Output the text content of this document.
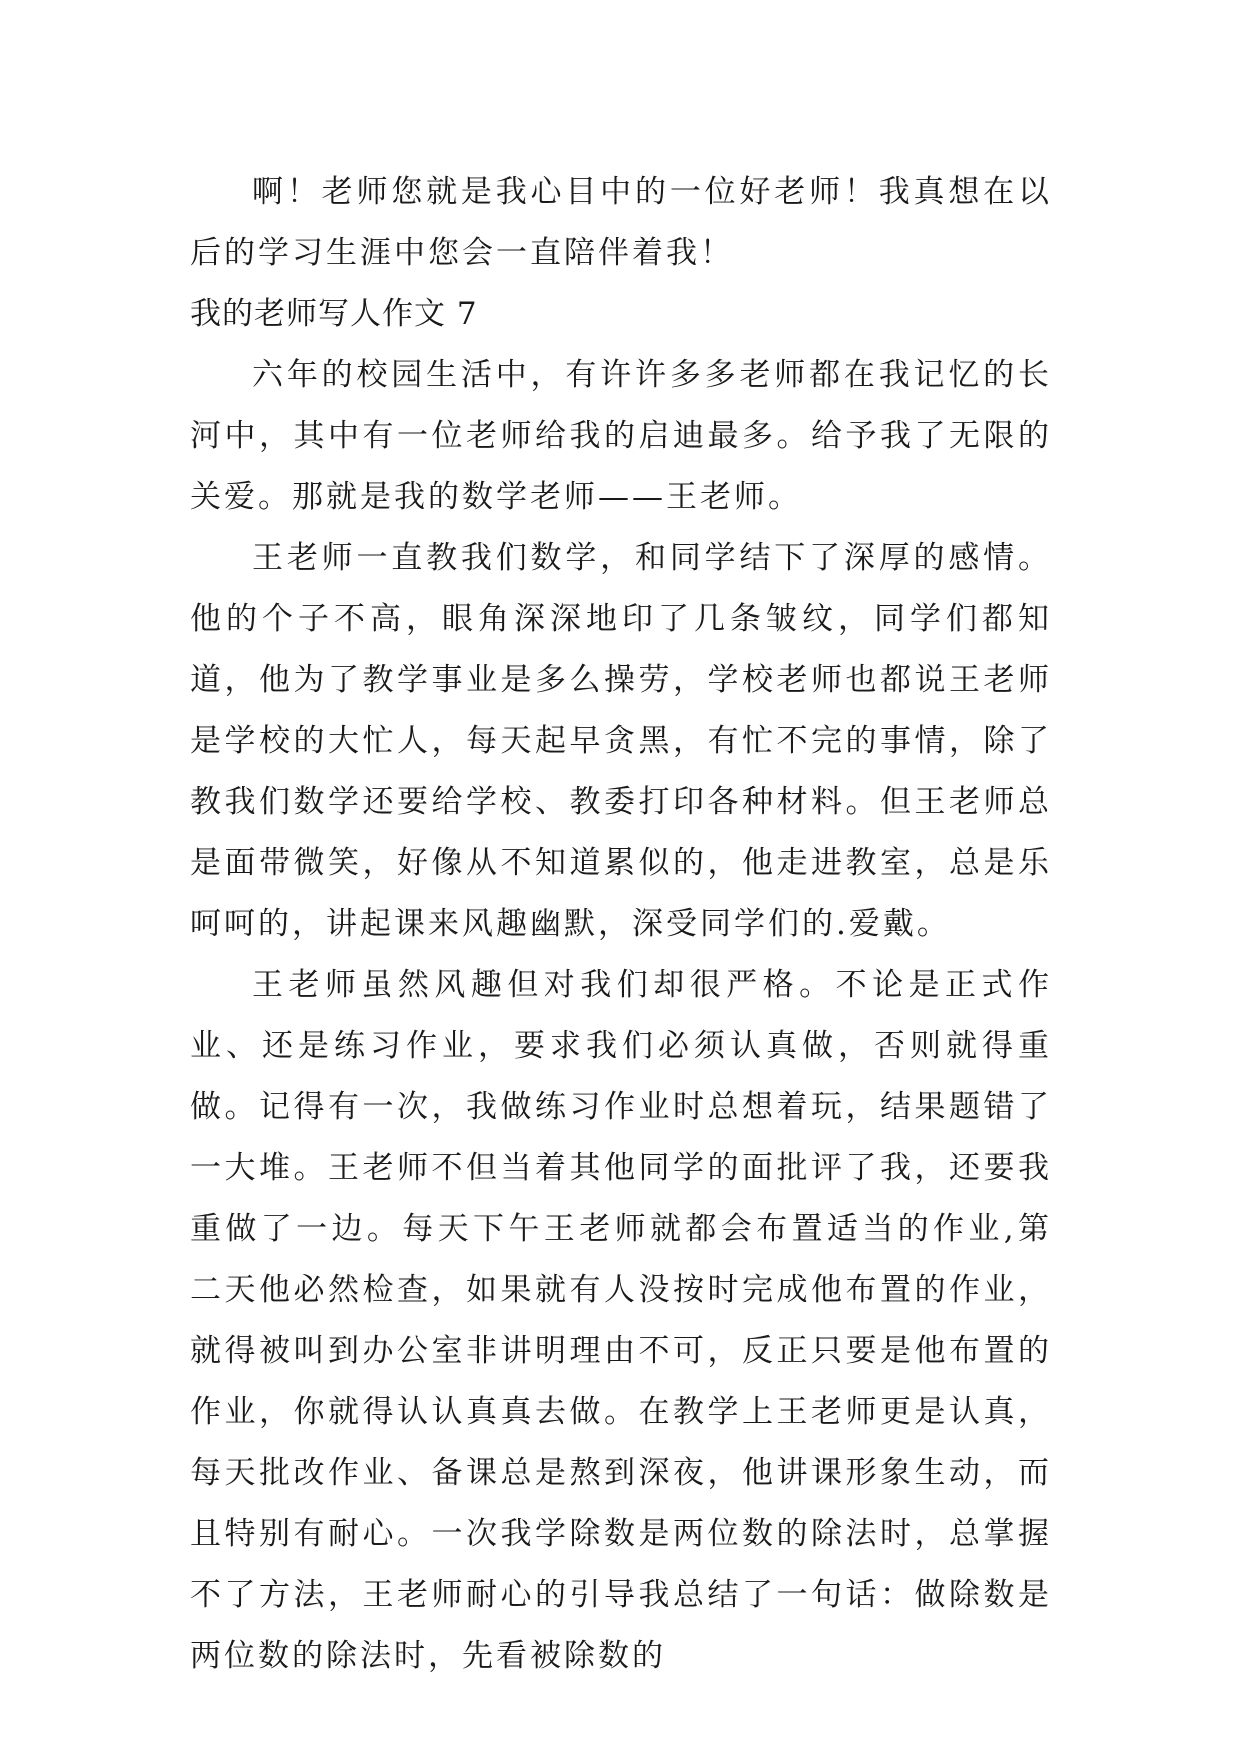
啊！老师您就是我心目中的一位好老师！我真想在以后的学习生涯中您会一直陪伴着我！

我的老师写人作文 7

六年的校园生活中，有许许多多老师都在我记忆的长河中，其中有一位老师给我的启迪最多。给予我了无限的关爱。那就是我的数学老师——王老师。

王老师一直教我们数学，和同学结下了深厚的感情。他的个子不高，眼角深深地印了几条皱纹，同学们都知道，他为了教学事业是多么操劳，学校老师也都说王老师是学校的大忙人，每天起早贪黑，有忙不完的事情，除了教我们数学还要给学校、教委打印各种材料。但王老师总是面带微笑，好像从不知道累似的，他走进教室，总是乐呵呵的，讲起课来风趣幽默，深受同学们的.爱戴。

王老师虽然风趣但对我们却很严格。不论是正式作业、还是练习作业，要求我们必须认真做，否则就得重做。记得有一次，我做练习作业时总想着玩，结果题错了一大堆。王老师不但当着其他同学的面批评了我，还要我重做了一边。每天下午王老师就都会布置适当的作业,第二天他必然检查，如果就有人没按时完成他布置的作业，就得被叫到办公室非讲明理由不可，反正只要是他布置的作业，你就得认认真真去做。在教学上王老师更是认真，每天批改作业、备课总是熬到深夜，他讲课形象生动，而且特别有耐心。一次我学除数是两位数的除法时，总掌握不了方法，王老师耐心的引导我总结了一句话：做除数是两位数的除法时，先看被除数的
